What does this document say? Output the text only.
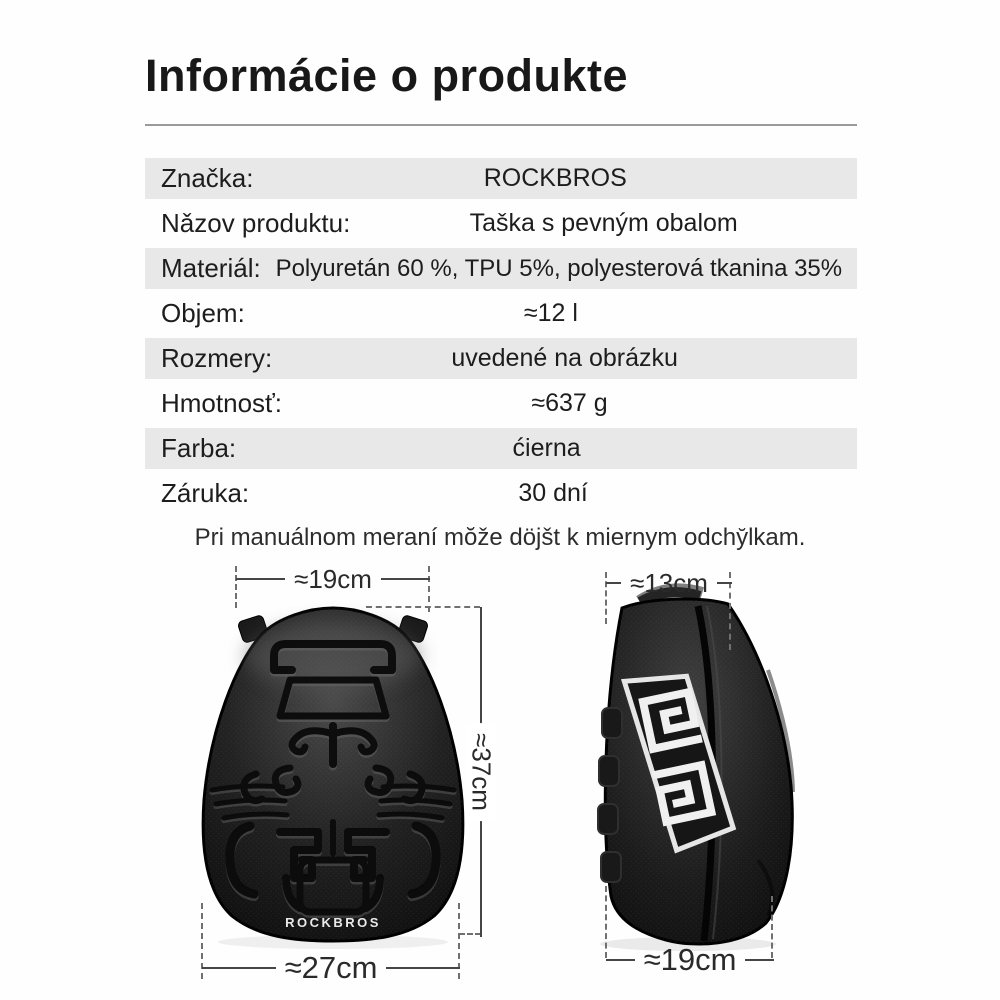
Informácie o produkte
Značka:	ROCKBROS
Nǎzov produktu:	Taška s pevným obalom
Materiál: Polyuretán 60 %, TPU 5%, polyesterová tkanina 35%
Objem:	≈12 l
Rozmery:	uvedené na obrázku
Hmotnosť:	≈637 g
Farba:	ćierna
Záruka:	30 dní
Pri manuálnom meraní mŏže döjšt k miernym odchy̆lkam.
ROCKBROS
≈19cm
≈37cm
≈27cm
≈13cm
≈19cm
